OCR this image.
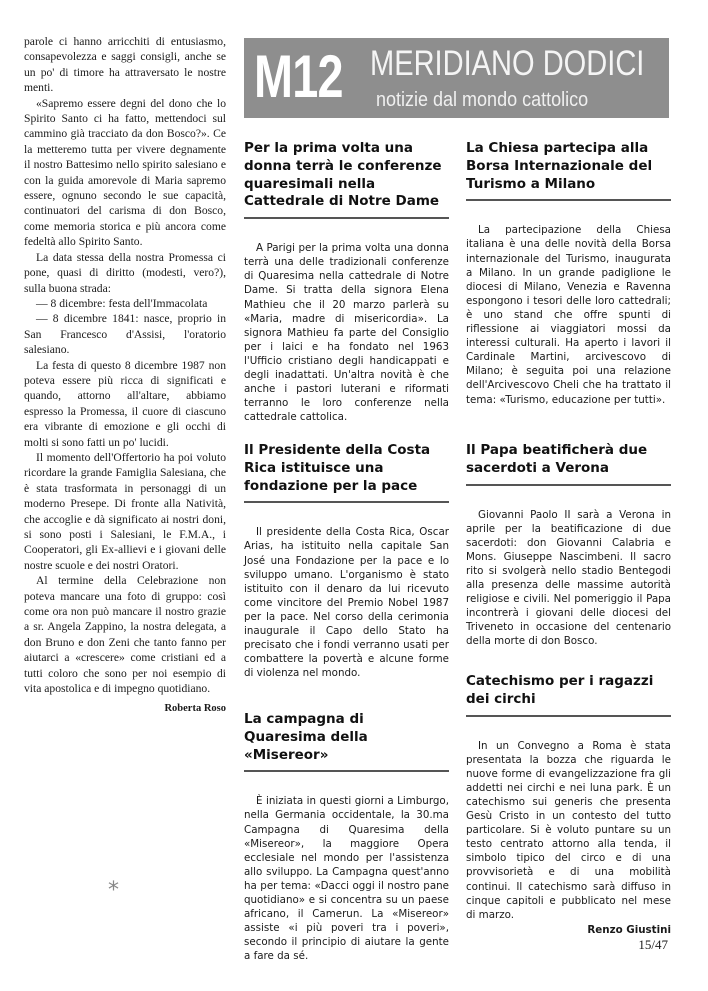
parole ci hanno arricchiti di entusiasmo, consapevolezza e saggi consigli, anche se un po' di timore ha attraversato le nostre menti.

«Sapremo essere degni del dono che lo Spirito Santo ci ha fatto, mettendoci sul cammino già tracciato da don Bosco?». Ce la metteremo tutta per vivere degnamente il nostro Battesimo nello spirito salesiano e con la guida amorevole di Maria sapremo essere, ognuno secondo le sue capacità, continuatori del carisma di don Bosco, come memoria storica e più ancora come fedeltà allo Spirito Santo.

La data stessa della nostra Promessa ci pone, quasi di diritto (modesti, vero?), sulla buona strada:

— 8 dicembre: festa dell'Immacolata

— 8 dicembre 1841: nasce, proprio in San Francesco d'Assisi, l'oratorio salesiano.

La festa di questo 8 dicembre 1987 non poteva essere più ricca di significati e quando, attorno all'altare, abbiamo espresso la Promessa, il cuore di ciascuno era vibrante di emozione e gli occhi di molti si sono fatti un po' lucidi.

Il momento dell'Offertorio ha poi voluto ricordare la grande Famiglia Salesiana, che è stata trasformata in personaggi di un moderno Presepe. Di fronte alla Natività, che accoglie e dà significato ai nostri doni, si sono posti i Salesiani, le F.M.A., i Cooperatori, gli Ex-allievi e i giovani delle nostre scuole e dei nostri Oratori.

Al termine della Celebrazione non poteva mancare una foto di gruppo: così come ora non può mancare il nostro grazie a sr. Angela Zappino, la nostra delegata, a don Bruno e don Zeni che tanto fanno per aiutarci a «crescere» come cristiani ed a tutti coloro che sono per noi esempio di vita apostolica e di impegno quotidiano.

Roberta Roso

*
M12 MERIDIANO DODICI
notizie dal mondo cattolico
Per la prima volta una donna terrà le conferenze quaresimali nella Cattedrale di Notre Dame
A Parigi per la prima volta una donna terrà una delle tradizionali conferenze di Quaresima nella cattedrale di Notre Dame. Si tratta della signora Elena Mathieu che il 20 marzo parlerà su «Maria, madre di misericordia». La signora Mathieu fa parte del Consiglio per i laici e ha fondato nel 1963 l'Ufficio cristiano degli handicappati e degli inadattati. Un'altra novità è che anche i pastori luterani e riformati terranno le loro conferenze nella cattedrale cattolica.
Il Presidente della Costa Rica istituisce una fondazione per la pace
Il presidente della Costa Rica, Oscar Arias, ha istituito nella capitale San José una Fondazione per la pace e lo sviluppo umano. L'organismo è stato istituito con il denaro da lui ricevuto come vincitore del Premio Nobel 1987 per la pace. Nel corso della cerimonia inaugurale il Capo dello Stato ha precisato che i fondi verranno usati per combattere la povertà e alcune forme di violenza nel mondo.
La campagna di Quaresima della «Misereor»
È iniziata in questi giorni a Limburgo, nella Germania occidentale, la 30.ma Campagna di Quaresima della «Misereor», la maggiore Opera ecclesiale nel mondo per l'assistenza allo sviluppo. La Campagna quest'anno ha per tema: «Dacci oggi il nostro pane quotidiano» e si concentra su un paese africano, il Camerun. La «Misereor» assiste «i più poveri tra i poveri», secondo il principio di aiutare la gente a fare da sé.
La Chiesa partecipa alla Borsa Internazionale del Turismo a Milano
La partecipazione della Chiesa italiana è una delle novità della Borsa internazionale del Turismo, inaugurata a Milano. In un grande padiglione le diocesi di Milano, Venezia e Ravenna espongono i tesori delle loro cattedrali; è uno stand che offre spunti di riflessione ai viaggiatori mossi da interessi culturali. Ha aperto i lavori il Cardinale Martini, arcivescovo di Milano; è seguita poi una relazione dell'Arcivescovo Cheli che ha trattato il tema: «Turismo, educazione per tutti».
Il Papa beatificherà due sacerdoti a Verona
Giovanni Paolo II sarà a Verona in aprile per la beatificazione di due sacerdoti: don Giovanni Calabria e Mons. Giuseppe Nascimbeni. Il sacro rito si svolgerà nello stadio Bentegodi alla presenza delle massime autorità religiose e civili. Nel pomeriggio il Papa incontrerà i giovani delle diocesi del Triveneto in occasione del centenario della morte di don Bosco.
Catechismo per i ragazzi dei circhi
In un Convegno a Roma è stata presentata la bozza che riguarda le nuove forme di evangelizzazione fra gli addetti nei circhi e nei luna park. È un catechismo sui generis che presenta Gesù Cristo in un contesto del tutto particolare. Si è voluto puntare su un testo centrato attorno alla tenda, il simbolo tipico del circo e di una provvisorietà e di una mobilità continui. Il catechismo sarà diffuso in cinque capitoli e pubblicato nel mese di marzo.
Renzo Giustini
15/47
